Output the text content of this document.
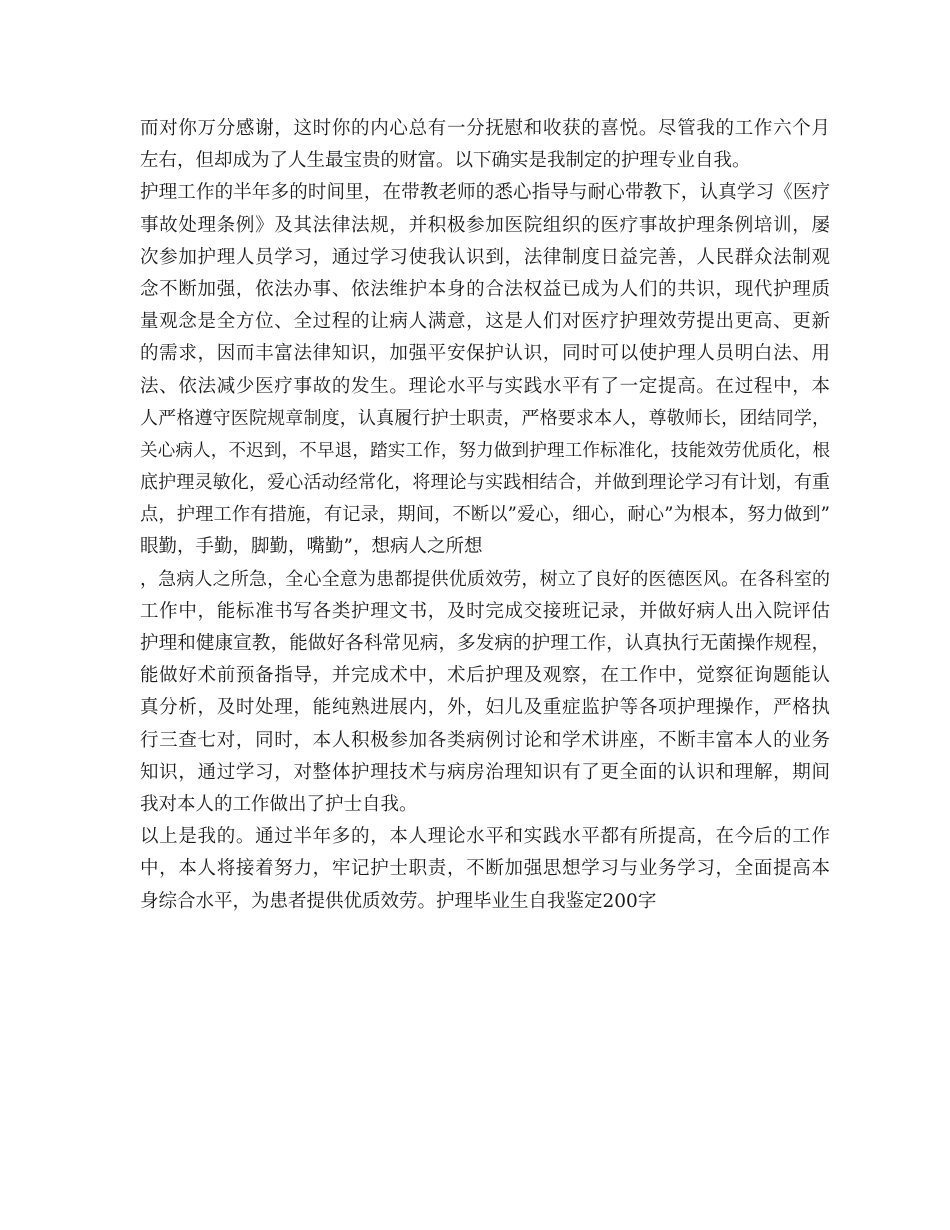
而对你万分感谢，这时你的内心总有一分抚慰和收获的喜悦。尽管我的工作六个月
左右，但却成为了人生最宝贵的财富。以下确实是我制定的护理专业自我。
护理工作的半年多的时间里，在带教老师的悉心指导与耐心带教下，认真学习《医疗
事故处理条例》及其法律法规，并积极参加医院组织的医疗事故护理条例培训，屡
次参加护理人员学习，通过学习使我认识到，法律制度日益完善，人民群众法制观
念不断加强，依法办事、依法维护本身的合法权益已成为人们的共识，现代护理质
量观念是全方位、全过程的让病人满意，这是人们对医疗护理效劳提出更高、更新
的需求，因而丰富法律知识，加强平安保护认识，同时可以使护理人员明白法、用
法、依法减少医疗事故的发生。理论水平与实践水平有了一定提高。在过程中，本
人严格遵守医院规章制度，认真履行护士职责，严格要求本人，尊敬师长，团结同学，
关心病人，不迟到，不早退，踏实工作，努力做到护理工作标准化，技能效劳优质化，根
底护理灵敏化，爱心活动经常化，将理论与实践相结合，并做到理论学习有计划，有重
点，护理工作有措施，有记录，期间，不断以”爱心，细心，耐心”为根本，努力做到”
眼勤，手勤，脚勤，嘴勤”，想病人之所想
，急病人之所急，全心全意为患都提供优质效劳，树立了良好的医德医风。在各科室的
工作中，能标准书写各类护理文书，及时完成交接班记录，并做好病人出入院评估
护理和健康宣教，能做好各科常见病，多发病的护理工作，认真执行无菌操作规程，
能做好术前预备指导，并完成术中，术后护理及观察，在工作中，觉察征询题能认
真分析，及时处理，能纯熟进展内，外，妇儿及重症监护等各项护理操作，严格执
行三查七对，同时，本人积极参加各类病例讨论和学术讲座，不断丰富本人的业务
知识，通过学习，对整体护理技术与病房治理知识有了更全面的认识和理解，期间
我对本人的工作做出了护士自我。
以上是我的。通过半年多的，本人理论水平和实践水平都有所提高，在今后的工作
中，本人将接着努力，牢记护士职责，不断加强思想学习与业务学习，全面提高本
身综合水平，为患者提供优质效劳。护理毕业生自我鉴定200字
